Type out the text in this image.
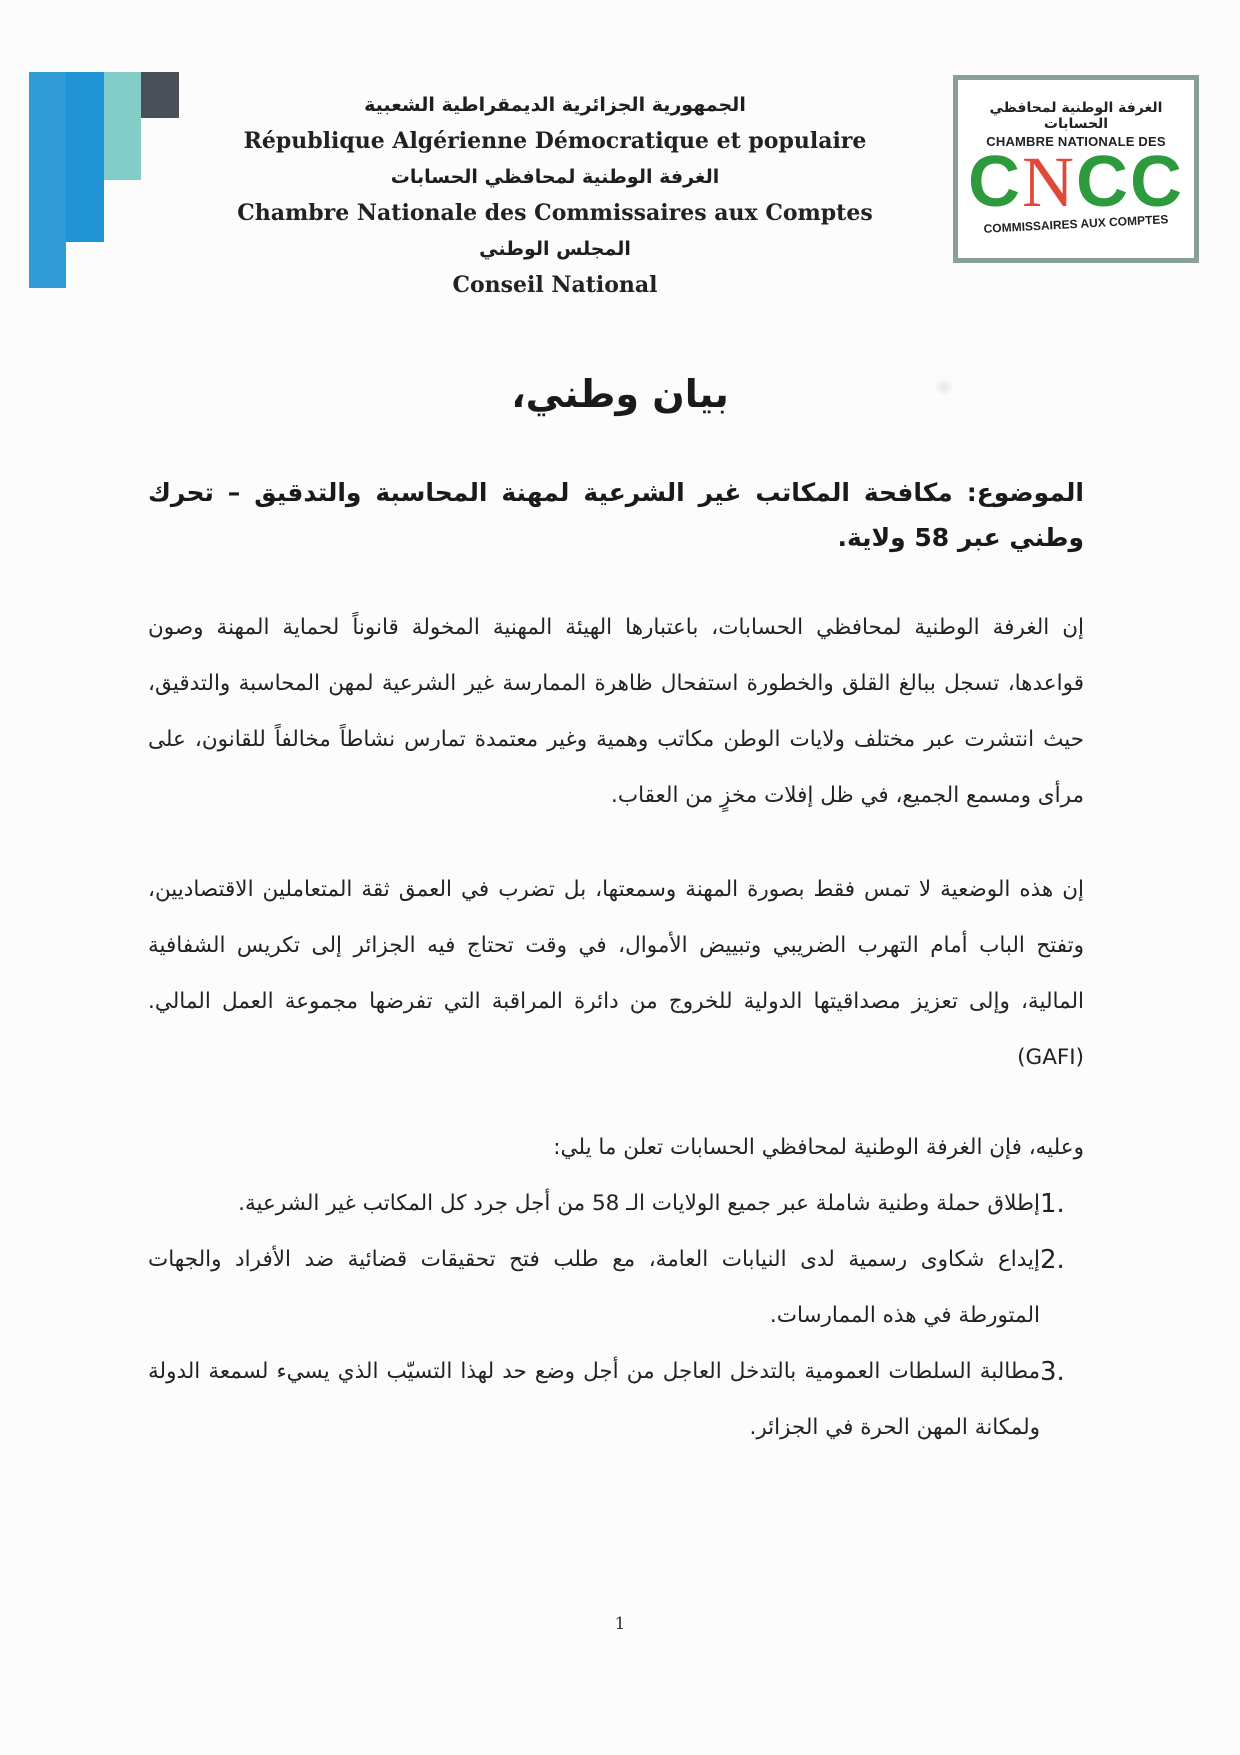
الجمهورية الجزائرية الديمقراطية الشعبية
République Algérienne Démocratique et populaire
الغرفة الوطنية لمحافظي الحسابات
Chambre Nationale des Commissaires aux Comptes
المجلس الوطني
Conseil National
الغرفة الوطنية لمحافظي الحسابات
CHAMBRE NATIONALE DES
CNCC
COMMISSAIRES AUX COMPTES
بيان وطني،
الموضوع: مكافحة المكاتب غير الشرعية لمهنة المحاسبة والتدقيق – تحرك وطني عبر 58 ولاية.
إن الغرفة الوطنية لمحافظي الحسابات، باعتبارها الهيئة المهنية المخولة قانوناً لحماية المهنة وصون قواعدها، تسجل ببالغ القلق والخطورة استفحال ظاهرة الممارسة غير الشرعية لمهن المحاسبة والتدقيق، حيث انتشرت عبر مختلف ولايات الوطن مكاتب وهمية وغير معتمدة تمارس نشاطاً مخالفاً للقانون، على مرأى ومسمع الجميع، في ظل إفلات مخزٍ من العقاب.
إن هذه الوضعية لا تمس فقط بصورة المهنة وسمعتها، بل تضرب في العمق ثقة المتعاملين الاقتصاديين، وتفتح الباب أمام التهرب الضريبي وتبييض الأموال، في وقت تحتاج فيه الجزائر إلى تكريس الشفافية المالية، وإلى تعزيز مصداقيتها الدولية للخروج من دائرة المراقبة التي تفرضها مجموعة العمل المالي.(GAFI)
وعليه، فإن الغرفة الوطنية لمحافظي الحسابات تعلن ما يلي:
1.
إطلاق حملة وطنية شاملة عبر جميع الولايات الـ 58 من أجل جرد كل المكاتب غير الشرعية.
2.
إيداع شكاوى رسمية لدى النيابات العامة، مع طلب فتح تحقيقات قضائية ضد الأفراد والجهات المتورطة في هذه الممارسات.
3.
مطالبة السلطات العمومية بالتدخل العاجل من أجل وضع حد لهذا التسيّب الذي يسيء لسمعة الدولة ولمكانة المهن الحرة في الجزائر.
1
